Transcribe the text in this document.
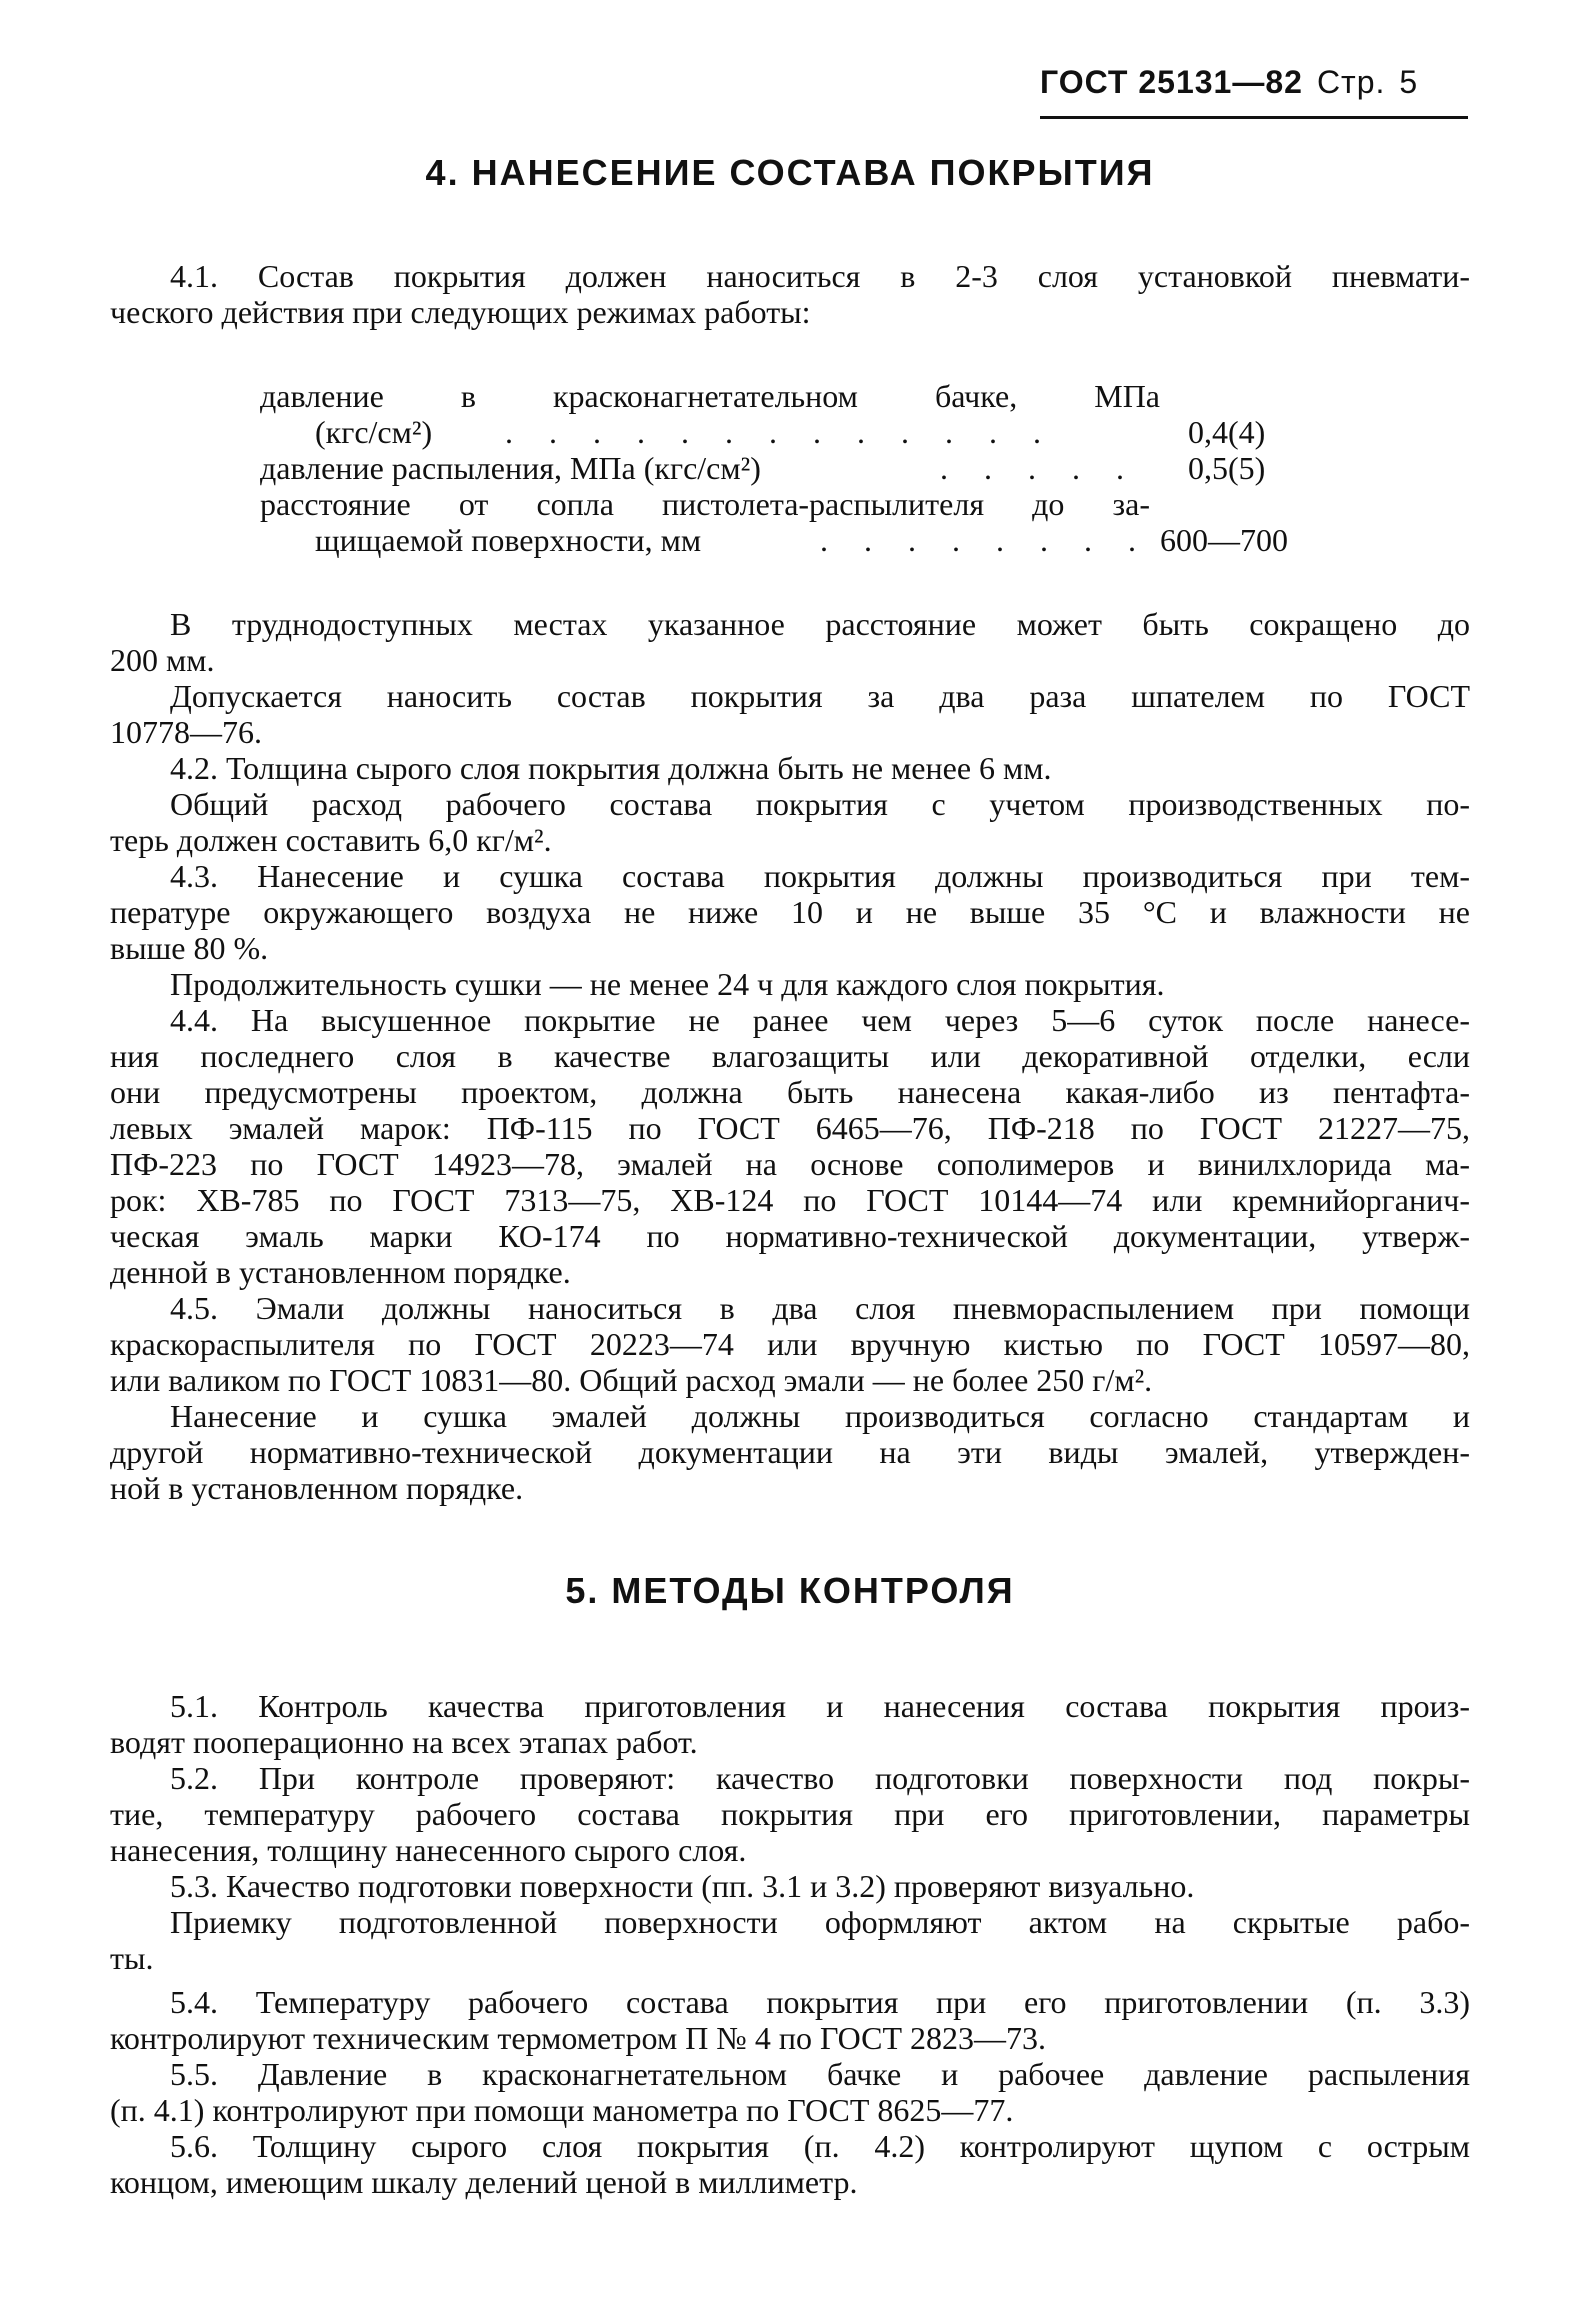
ГОСТ 25131—82 Стр. 5
4. НАНЕСЕНИЕ СОСТАВА ПОКРЫТИЯ
4.1. Состав покрытия должен наноситься в 2-3 слоя установкой пневмати-
ческого действия при следующих режимах работы:
давление в красконагнетательном бачке, МПа
(кгс/см²) . . . . . . . . . . . . .	0,4(4)
давление распыления, МПа (кгс/см²)	. . . . . 0,5(5)
расстояние от сопла пистолета-распылителя до за-
щищаемой поверхности, мм	. . . . . . . . 600—700
В труднодоступных местах указанное расстояние может быть сокращено до
200 мм.
Допускается наносить состав покрытия за два раза шпателем по ГОСТ
10778—76.
4.2. Толщина сырого слоя покрытия должна быть не менее 6 мм.
Общий расход рабочего состава покрытия с учетом производственных по-
терь должен составить 6,0 кг/м².
4.3. Нанесение и сушка состава покрытия должны производиться при тем-
пературе окружающего воздуха не ниже 10 и не выше 35 °С и влажности не
выше 80 %.
Продолжительность сушки — не менее 24 ч для каждого слоя покрытия.
4.4. На высушенное покрытие не ранее чем через 5—6 суток после нанесе-
ния последнего слоя в качестве влагозащиты или декоративной отделки, если
они предусмотрены проектом, должна быть нанесена какая-либо из пентафта-
левых эмалей марок: ПФ-115 по ГОСТ 6465—76, ПФ-218 по ГОСТ 21227—75,
ПФ-223 по ГОСТ 14923—78, эмалей на основе сополимеров и винилхлорида ма-
рок: ХВ-785 по ГОСТ 7313—75, ХВ-124 по ГОСТ 10144—74 или кремнийорганич-
ческая эмаль марки КО-174 по нормативно-технической документации, утверж-
денной в установленном порядке.
4.5. Эмали должны наноситься в два слоя пневмораспылением при помощи
краскораспылителя по ГОСТ 20223—74 или вручную кистью по ГОСТ 10597—80,
или валиком по ГОСТ 10831—80. Общий расход эмали — не более 250 г/м².
Нанесение и сушка эмалей должны производиться согласно стандартам и
другой нормативно-технической документации на эти виды эмалей, утвержден-
ной в установленном порядке.
5. МЕТОДЫ КОНТРОЛЯ
5.1. Контроль качества приготовления и нанесения состава покрытия произ-
водят пооперационно на всех этапах работ.
5.2. При контроле проверяют: качество подготовки поверхности под покры-
тие, температуру рабочего состава покрытия при его приготовлении, параметры
нанесения, толщину нанесенного сырого слоя.
5.3. Качество подготовки поверхности (пп. 3.1 и 3.2) проверяют визуально.
Приемку подготовленной поверхности оформляют актом на скрытые рабо-
ты.
5.4. Температуру рабочего состава покрытия при его приготовлении (п. 3.3)
контролируют техническим термометром П № 4 по ГОСТ 2823—73.
5.5. Давление в красконагнетательном бачке и рабочее давление распыления
(п. 4.1) контролируют при помощи манометра по ГОСТ 8625—77.
5.6. Толщину сырого слоя покрытия (п. 4.2) контролируют щупом с острым
концом, имеющим шкалу делений ценой в миллиметр.
